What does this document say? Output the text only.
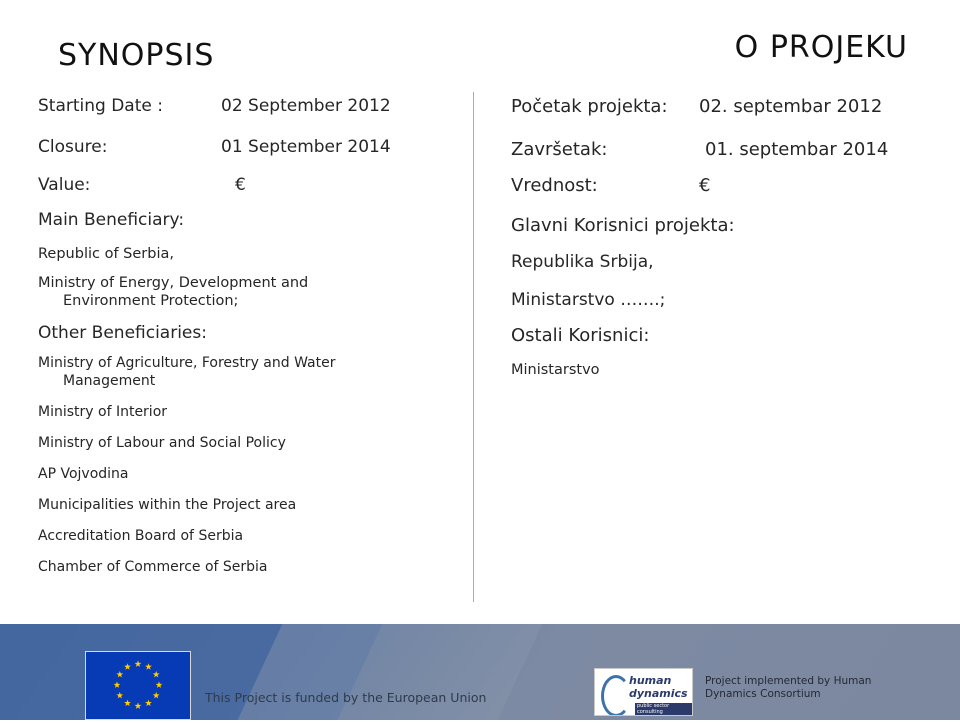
SYNOPSIS	O PROJEKU
Starting Date :	02 September 2012
Closure:	01 September 2014
Value:	€
Main Beneficiary:
Republic of Serbia,
Ministry of Energy, Development and
Environment Protection;
Other Beneficiaries:
Ministry of Agriculture, Forestry and Water
Management
Ministry of Interior
Ministry of Labour and Social Policy
AP Vojvodina
Municipalities within the Project area
Accreditation Board of Serbia
Chamber of Commerce of Serbia
Početak projekta: 02. septembar 2012
Završetak:	01. septembar 2014
Vrednost:	€
Glavni Korisnici projekta:
Republika Srbija,
Ministarstvo …….;
Ostali Korisnici:
Ministarstvo
This Project is funded by the European Union
human
dynamics
public sector consulting
Project implemented by Human Dynamics Consortium
